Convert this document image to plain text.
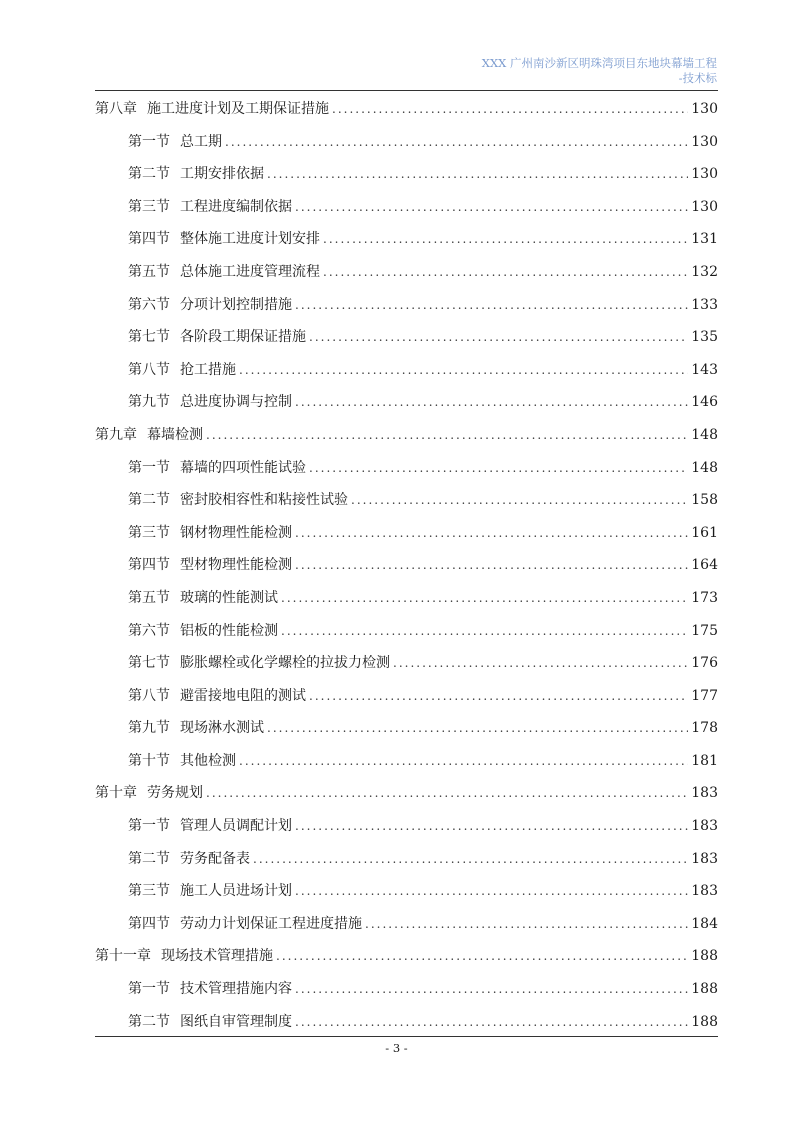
XXX 广州南沙新区明珠湾项目东地块幕墙工程
-技术标
第八章 施工进度计划及工期保证措施 .....	130
第一节 总工期 .....	130
第二节 工期安排依据 .....	130
第三节 工程进度编制依据 .....	130
第四节 整体施工进度计划安排 .....	131
第五节 总体施工进度管理流程 .....	132
第六节 分项计划控制措施 .....	133
第七节 各阶段工期保证措施 .....	135
第八节 抢工措施 .....	143
第九节 总进度协调与控制 .....	146
第九章 幕墙检测 .....	148
第一节 幕墙的四项性能试验 .....	148
第二节 密封胶相容性和粘接性试验 .....	158
第三节 钢材物理性能检测 .....	161
第四节 型材物理性能检测 .....	164
第五节 玻璃的性能测试 .....	173
第六节 铝板的性能检测 .....	175
第七节 膨胀螺栓或化学螺栓的拉拔力检测 .....	176
第八节 避雷接地电阻的测试 .....	177
第九节 现场淋水测试 .....	178
第十节 其他检测 .....	181
第十章 劳务规划 .....	183
第一节 管理人员调配计划 .....	183
第二节 劳务配备表 .....	183
第三节 施工人员进场计划 .....	183
第四节 劳动力计划保证工程进度措施 .....	184
第十一章 现场技术管理措施 .....	188
第一节 技术管理措施内容 .....	188
第二节 图纸自审管理制度 .....	188
- 3 -
